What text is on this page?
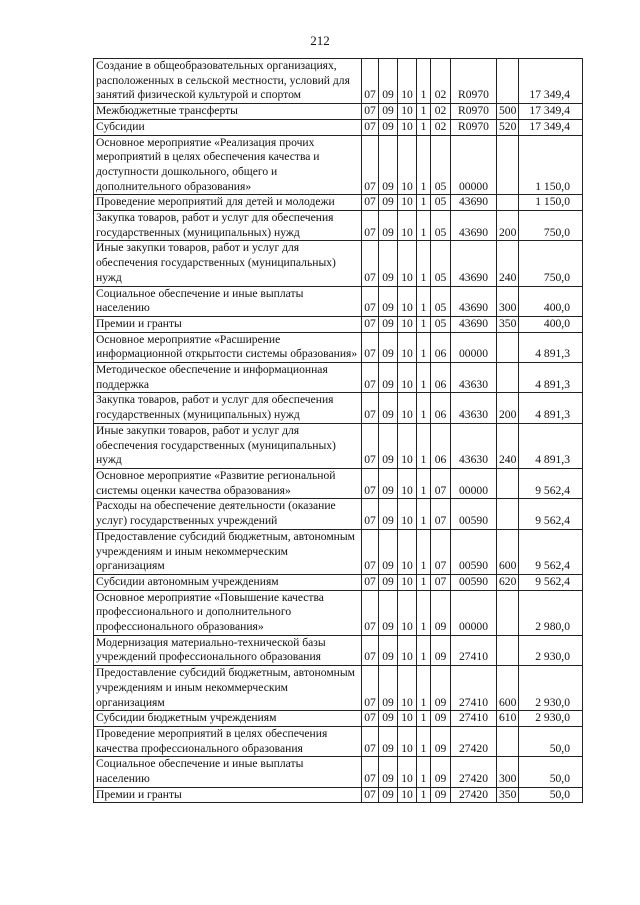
212
Создание в общеобразовательных организациях, расположенных в сельской местности, условий для занятий физической культурой и спортом	07	09	10	1	02	R0970		17 349,4
Межбюджетные трансферты	07	09	10	1	02	R0970	500	17 349,4
Субсидии	07	09	10	1	02	R0970	520	17 349,4
Основное мероприятие «Реализация прочих мероприятий в целях обеспечения качества и доступности дошкольного, общего и дополнительного образования»	07	09	10	1	05	00000		1 150,0
Проведение мероприятий для детей и молодежи	07	09	10	1	05	43690		1 150,0
Закупка товаров, работ и услуг для обеспечения государственных (муниципальных) нужд	07	09	10	1	05	43690	200	750,0
Иные закупки товаров, работ и услуг для обеспечения государственных (муниципальных) нужд	07	09	10	1	05	43690	240	750,0
Социальное обеспечение и иные выплаты населению	07	09	10	1	05	43690	300	400,0
Премии и гранты	07	09	10	1	05	43690	350	400,0
Основное мероприятие «Расширение информационной открытости системы образования»	07	09	10	1	06	00000		4 891,3
Методическое обеспечение и информационная поддержка	07	09	10	1	06	43630		4 891,3
Закупка товаров, работ и услуг для обеспечения государственных (муниципальных) нужд	07	09	10	1	06	43630	200	4 891,3
Иные закупки товаров, работ и услуг для обеспечения государственных (муниципальных) нужд	07	09	10	1	06	43630	240	4 891,3
Основное мероприятие «Развитие региональной системы оценки качества образования»	07	09	10	1	07	00000		9 562,4
Расходы на обеспечение деятельности (оказание услуг) государственных учреждений	07	09	10	1	07	00590		9 562,4
Предоставление субсидий бюджетным, автономным учреждениям и иным некоммерческим организациям	07	09	10	1	07	00590	600	9 562,4
Субсидии автономным учреждениям	07	09	10	1	07	00590	620	9 562,4
Основное мероприятие «Повышение качества профессионального и дополнительного профессионального образования»	07	09	10	1	09	00000		2 980,0
Модернизация материально-технической базы учреждений профессионального образования	07	09	10	1	09	27410		2 930,0
Предоставление субсидий бюджетным, автономным учреждениям и иным некоммерческим организациям	07	09	10	1	09	27410	600	2 930,0
Субсидии бюджетным учреждениям	07	09	10	1	09	27410	610	2 930,0
Проведение мероприятий в целях обеспечения качества профессионального образования	07	09	10	1	09	27420		50,0
Социальное обеспечение и иные выплаты населению	07	09	10	1	09	27420	300	50,0
Премии и гранты	07	09	10	1	09	27420	350	50,0
